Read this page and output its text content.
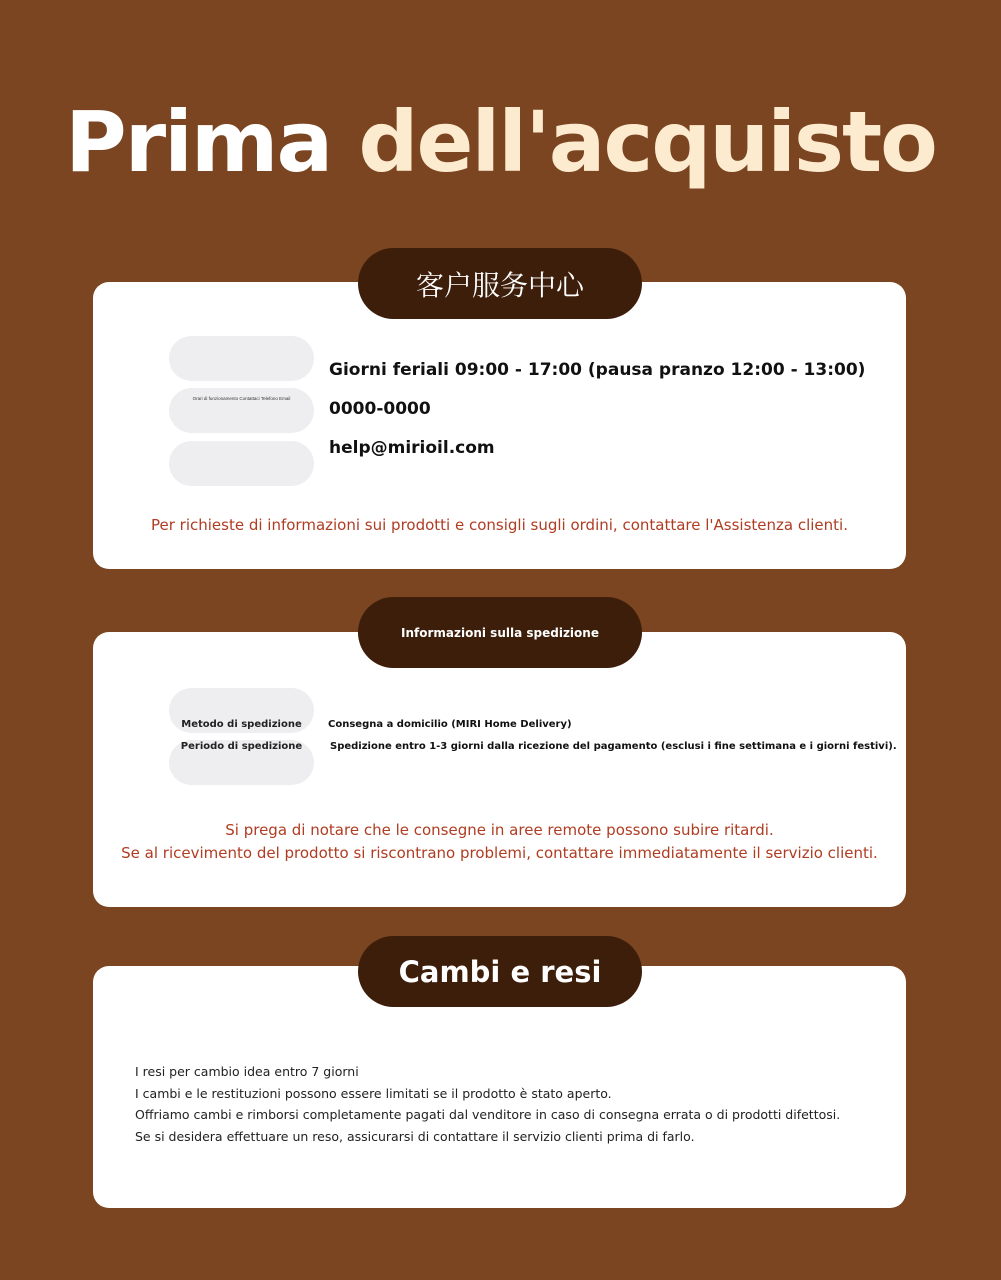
Prima dell'acquisto
客户服务中心
Orari di funzionamento Contattaci Telefono Email
Giorni feriali 09:00 - 17:00 (pausa pranzo 12:00 - 13:00)
0000-0000
help@mirioil.com
Per richieste di informazioni sui prodotti e consigli sugli ordini, contattare l'Assistenza clienti.
Informazioni sulla spedizione
Metodo di spedizione	Consegna a domicilio (MIRI Home Delivery)
Periodo di spedizione	Spedizione entro 1-3 giorni dalla ricezione del pagamento (esclusi i fine settimana e i giorni festivi).
Si prega di notare che le consegne in aree remote possono subire ritardi.
Se al ricevimento del prodotto si riscontrano problemi, contattare immediatamente il servizio clienti.
Cambi e resi
I resi per cambio idea entro 7 giorni
I cambi e le restituzioni possono essere limitati se il prodotto è stato aperto.
Offriamo cambi e rimborsi completamente pagati dal venditore in caso di consegna errata o di prodotti difettosi.
Se si desidera effettuare un reso, assicurarsi di contattare il servizio clienti prima di farlo.
